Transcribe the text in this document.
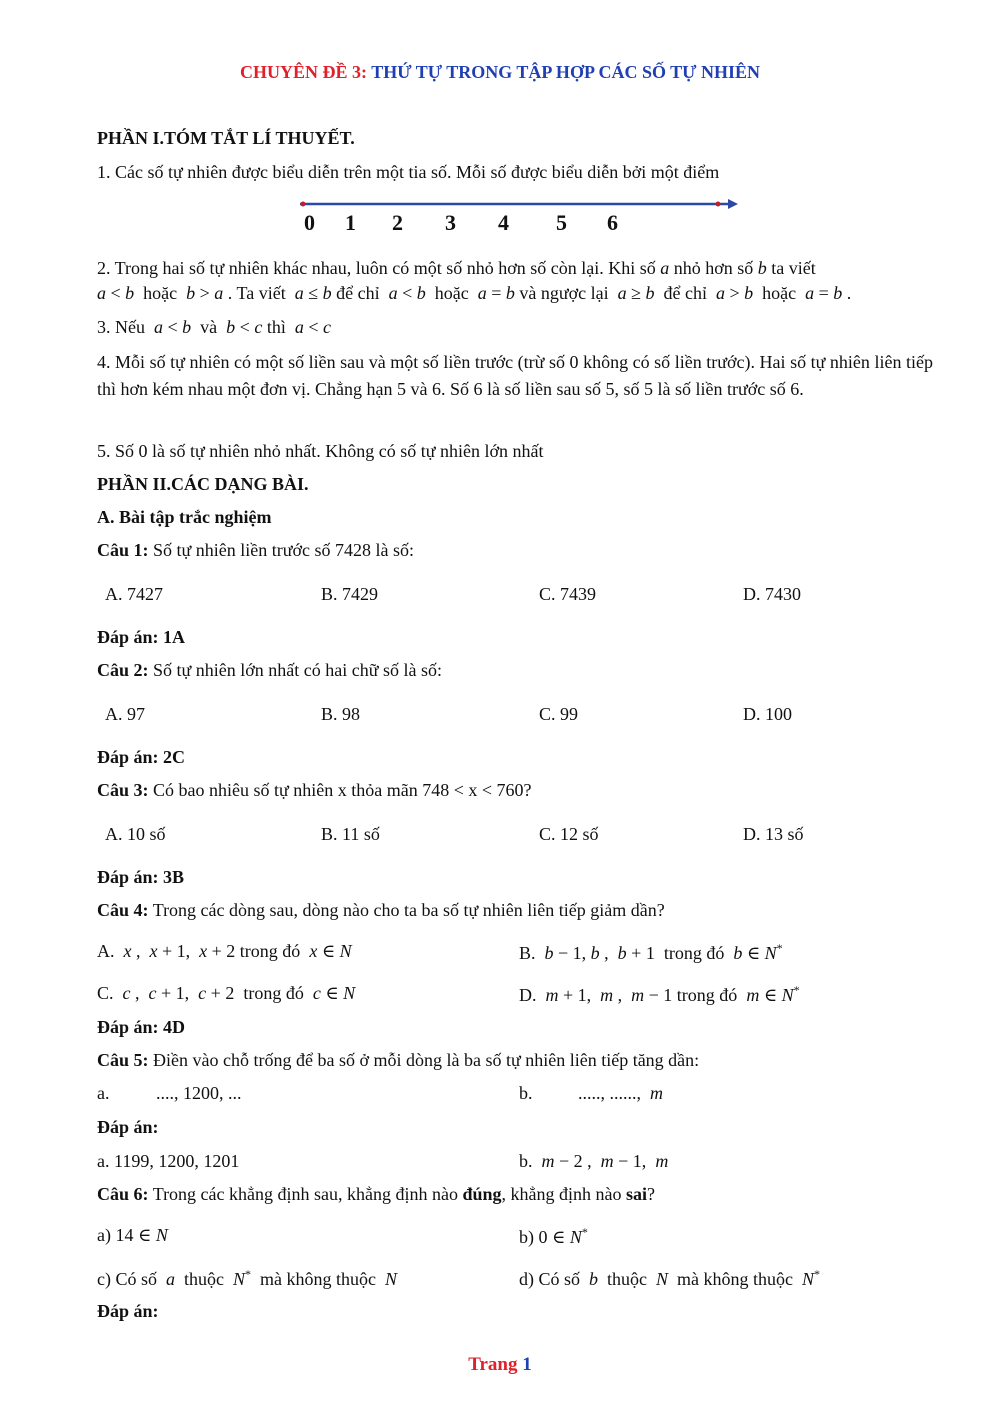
CHUYÊN ĐỀ 3: THỨ TỰ TRONG TẬP HỢP CÁC SỐ TỰ NHIÊN
PHẦN I.TÓM TẮT LÍ THUYẾT.
1. Các số tự nhiên được biểu diễn trên một tia số. Mỗi số được biểu diễn bởi một điểm
0 1 2 3 4 5 6
2. Trong hai số tự nhiên khác nhau, luôn có một số nhỏ hơn số còn lại. Khi số a nhỏ hơn số b ta viết
a < b  hoặc  b > a . Ta viết  a ≤ b để chỉ  a < b  hoặc  a = b và ngược lại  a ≥ b  để chỉ  a > b  hoặc  a = b .
3. Nếu a < b và b < c thì a < c
4. Mỗi số tự nhiên có một số liền sau và một số liền trước (trừ số 0 không có số liền trước). Hai số tự nhiên liên tiếp thì hơn kém nhau một đơn vị. Chẳng hạn 5 và 6. Số 6 là số liền sau số 5, số 5 là số liền trước số 6.
5. Số 0 là số tự nhiên nhỏ nhất. Không có số tự nhiên lớn nhất
PHẦN II.CÁC DẠNG BÀI.
A. Bài tập trắc nghiệm
Câu 1: Số tự nhiên liền trước số 7428 là số:
A. 7427	B. 7429	C. 7439	D. 7430
Đáp án: 1A
Câu 2: Số tự nhiên lớn nhất có hai chữ số là số:
A. 97	B. 98	C. 99	D. 100
Đáp án: 2C
Câu 3: Có bao nhiêu số tự nhiên x thỏa mãn 748 < x < 760?
A. 10 số	B. 11 số	C. 12 số	D. 13 số
Đáp án: 3B
Câu 4: Trong các dòng sau, dòng nào cho ta ba số tự nhiên liên tiếp giảm dần?
A.  x ,  x + 1,  x + 2 trong đó  x ∈ N	B.  b − 1, b ,  b + 1  trong đó  b ∈ N*
C.  c ,  c + 1,  c + 2  trong đó  c ∈ N	D.  m + 1,  m ,  m − 1 trong đó  m ∈ N*
Đáp án: 4D
Câu 5: Điền vào chỗ trống để ba số ở mỗi dòng là ba số tự nhiên liên tiếp tăng dần:
a.	...., 1200, ...	b.	....., ......, m
Đáp án:
a. 1199, 1200, 1201	b. m − 2 ,  m − 1,  m
Câu 6: Trong các khẳng định sau, khẳng định nào đúng, khẳng định nào sai?
a) 14 ∈ N	b) 0 ∈ N*
c) Có số a thuộc N* mà không thuộc N	d) Có số b thuộc N mà không thuộc N*
Đáp án:
Trang 1
